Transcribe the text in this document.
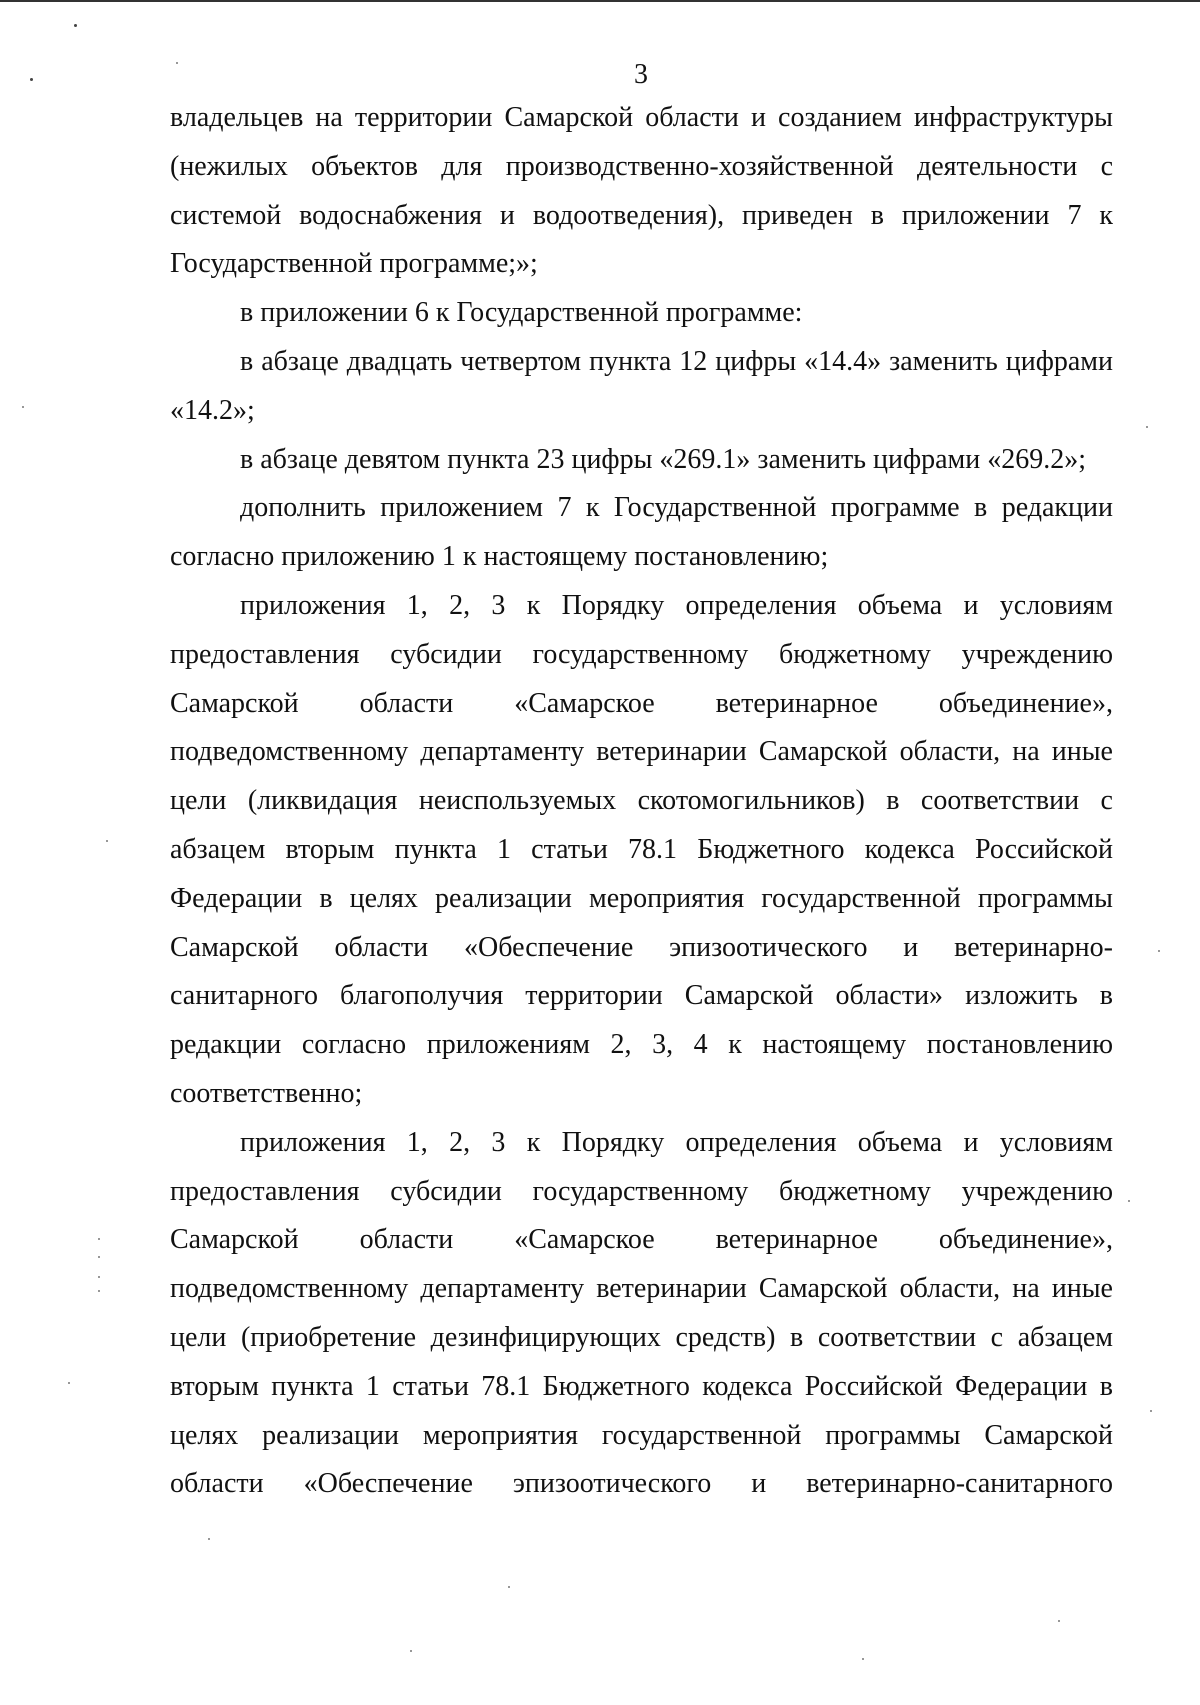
3

владельцев на территории Самарской области и созданием инфраструктуры (нежилых объектов для производственно-хозяйственной деятельности с системой водоснабжения и водоотведения), приведен в приложении 7 к Государственной программе;»;

в приложении 6 к Государственной программе:

в абзаце двадцать четвертом пункта 12 цифры «14.4» заменить цифрами «14.2»;

в абзаце девятом пункта 23 цифры «269.1» заменить цифрами «269.2»;

дополнить приложением 7 к Государственной программе в редакции согласно приложению 1 к настоящему постановлению;

приложения 1, 2, 3 к Порядку определения объема и условиям предоставления субсидии государственному бюджетному учреждению Самарской области «Самарское ветеринарное объединение», подведомственному департаменту ветеринарии Самарской области, на иные цели (ликвидация неиспользуемых скотомогильников) в соответствии с абзацем вторым пункта 1 статьи 78.1 Бюджетного кодекса Российской Федерации в целях реализации мероприятия государственной программы Самарской области «Обеспечение эпизоотического и ветеринарно-санитарного благополучия территории Самарской области» изложить в редакции согласно приложениям 2, 3, 4 к настоящему постановлению соответственно;

приложения 1, 2, 3 к Порядку определения объема и условиям предоставления субсидии государственному бюджетному учреждению Самарской области «Самарское ветеринарное объединение», подведомственному департаменту ветеринарии Самарской области, на иные цели (приобретение дезинфицирующих средств) в соответствии с абзацем вторым пункта 1 статьи 78.1 Бюджетного кодекса Российской Федерации в целях реализации мероприятия государственной программы Самарской области «Обеспечение эпизоотического и ветеринарно-санитарного
